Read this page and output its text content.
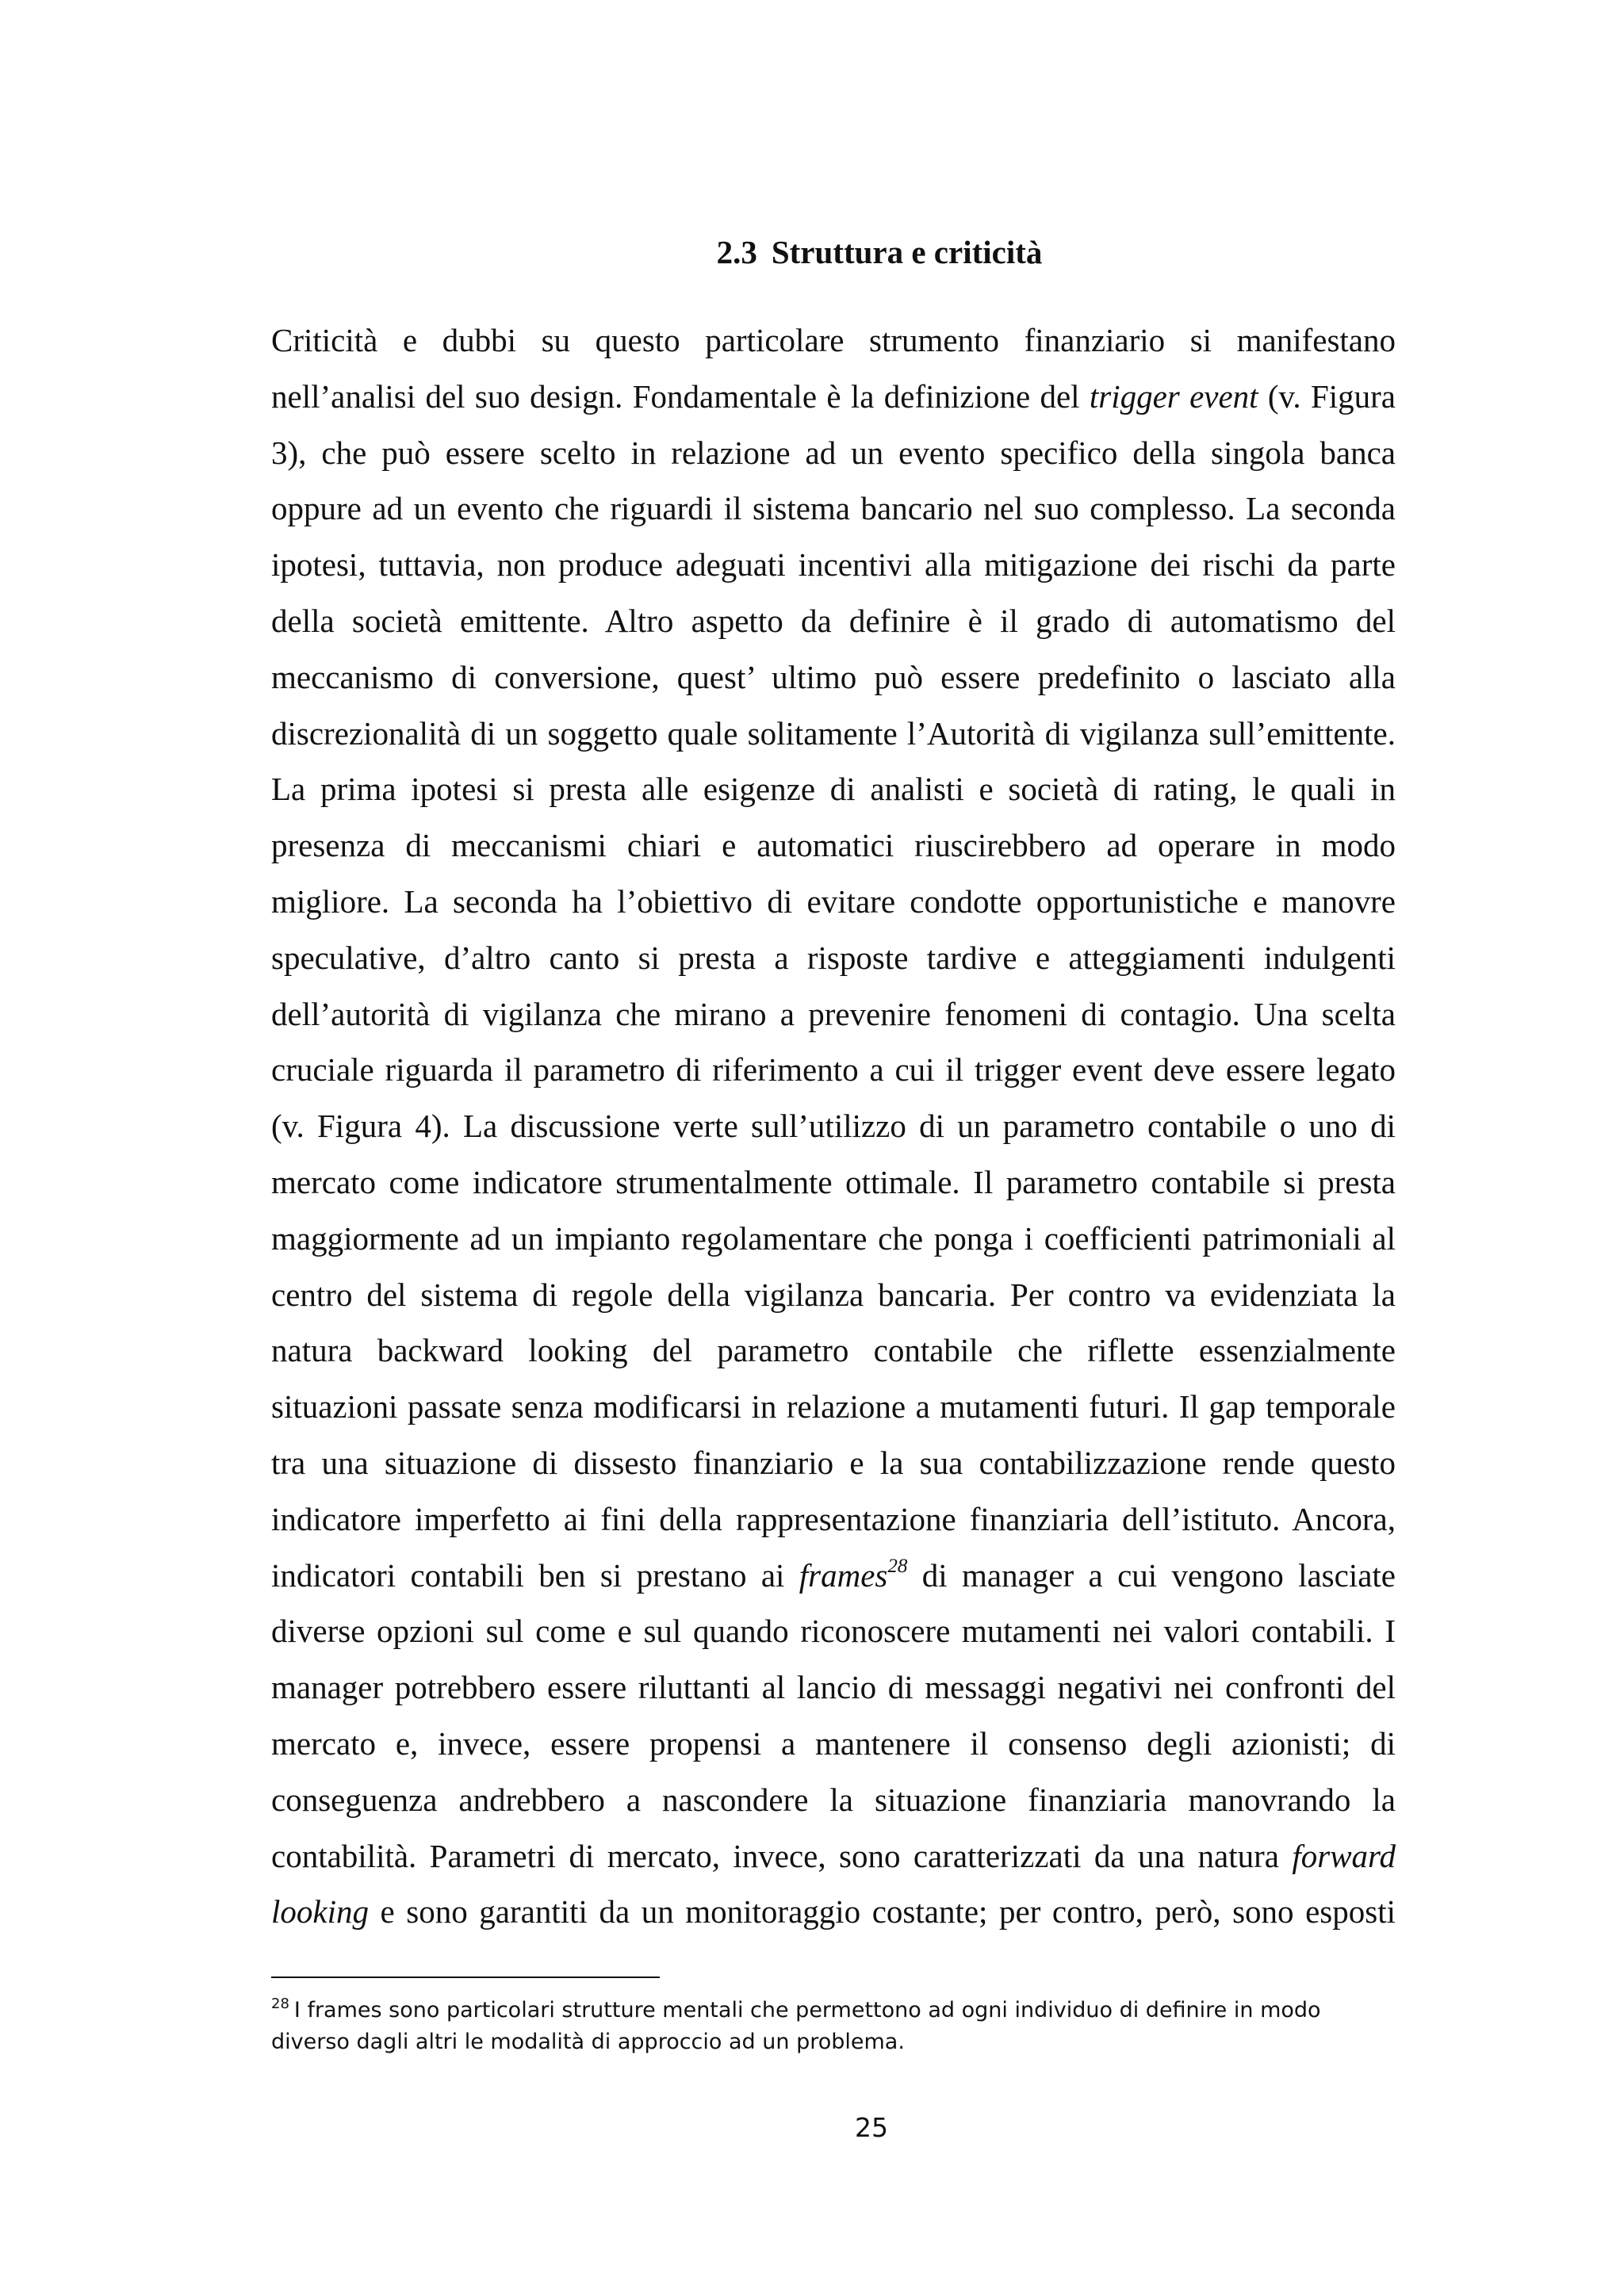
2.3 Struttura e criticità
Criticità e dubbi su questo particolare strumento finanziario si manifestano
nell’analisi del suo design. Fondamentale è la definizione del trigger event (v. Figura
3), che può essere scelto in relazione ad un evento specifico della singola banca
oppure ad un evento che riguardi il sistema bancario nel suo complesso. La seconda
ipotesi, tuttavia, non produce adeguati incentivi alla mitigazione dei rischi da parte
della società emittente. Altro aspetto da definire è il grado di automatismo del
meccanismo di conversione, quest’ ultimo può essere predefinito o lasciato alla
discrezionalità di un soggetto quale solitamente l’Autorità di vigilanza sull’emittente.
La prima ipotesi si presta alle esigenze di analisti e società di rating, le quali in
presenza di meccanismi chiari e automatici riuscirebbero ad operare in modo
migliore. La seconda ha l’obiettivo di evitare condotte opportunistiche e manovre
speculative, d’altro canto si presta a risposte tardive e atteggiamenti indulgenti
dell’autorità di vigilanza che mirano a prevenire fenomeni di contagio. Una scelta
cruciale riguarda il parametro di riferimento a cui il trigger event deve essere legato
(v. Figura 4). La discussione verte sull’utilizzo di un parametro contabile o uno di
mercato come indicatore strumentalmente ottimale. Il parametro contabile si presta
maggiormente ad un impianto regolamentare che ponga i coefficienti patrimoniali al
centro del sistema di regole della vigilanza bancaria. Per contro va evidenziata la
natura backward looking del parametro contabile che riflette essenzialmente
situazioni passate senza modificarsi in relazione a mutamenti futuri. Il gap temporale
tra una situazione di dissesto finanziario e la sua contabilizzazione rende questo
indicatore imperfetto ai fini della rappresentazione finanziaria dell’istituto. Ancora,
indicatori contabili ben si prestano ai frames$^{28}$ di manager a cui vengono lasciate
diverse opzioni sul come e sul quando riconoscere mutamenti nei valori contabili. I
manager potrebbero essere riluttanti al lancio di messaggi negativi nei confronti del
mercato e, invece, essere propensi a mantenere il consenso degli azionisti; di
conseguenza andrebbero a nascondere la situazione finanziaria manovrando la
contabilità. Parametri di mercato, invece, sono caratterizzati da una natura forward
looking e sono garantiti da un monitoraggio costante; per contro, però, sono esposti
$^{28}$ I frames sono particolari strutture mentali che permettono ad ogni individuo di definire in modo diverso dagli altri le modalità di approccio ad un problema.
25
